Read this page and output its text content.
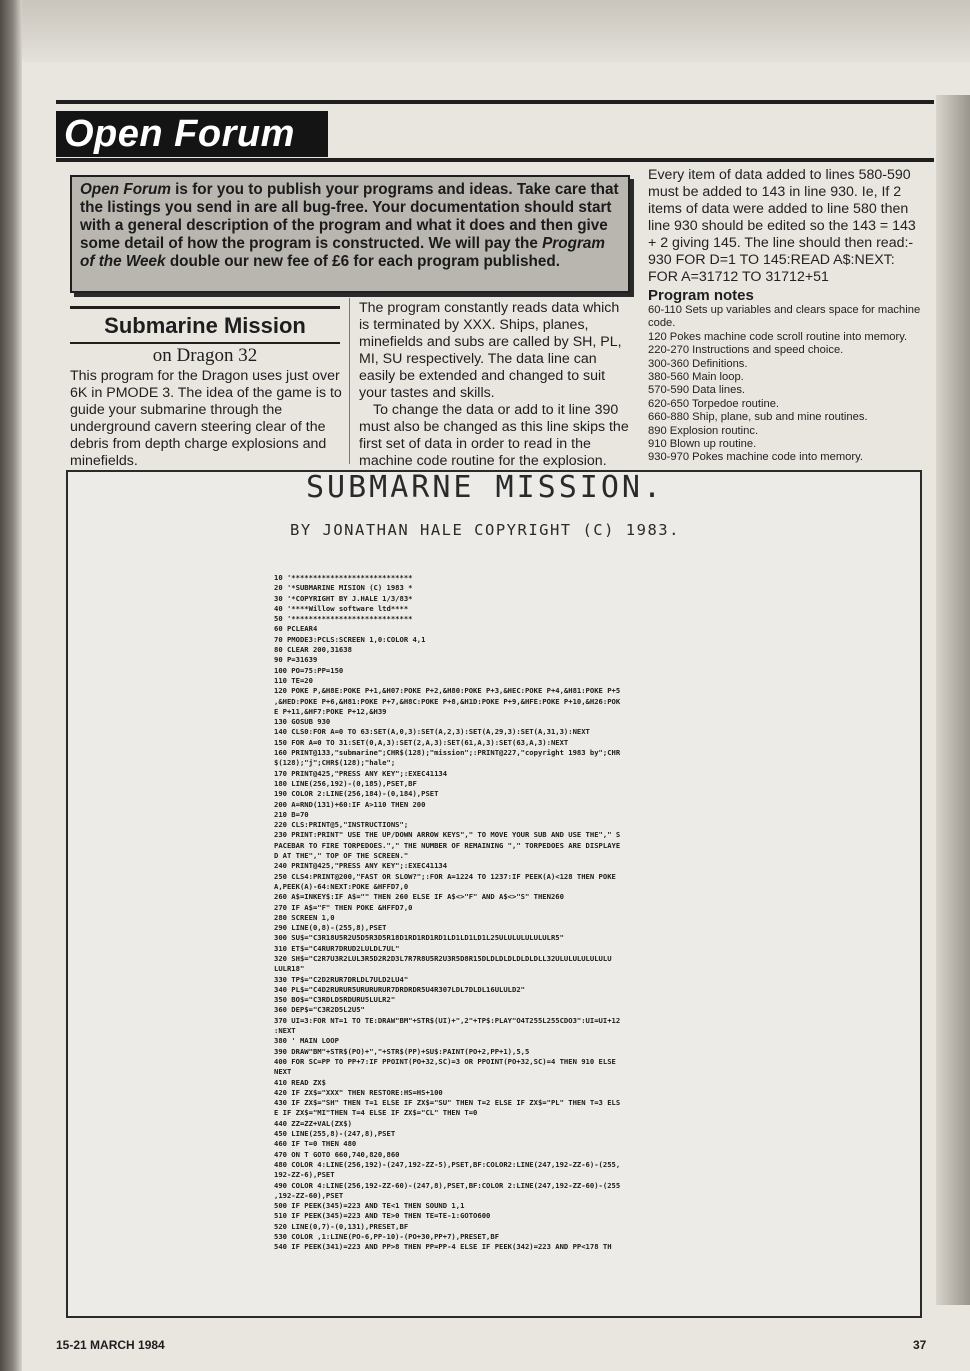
Open Forum
Open Forum is for you to publish your programs and ideas. Take care that the listings you send in are all bug-free. Your documentation should start with a general description of the program and what it does and then give some detail of how the program is constructed. We will pay the Program of the Week double our new fee of £6 for each program published.
Every item of data added to lines 580-590 must be added to 143 in line 930. Ie, If 2 items of data were added to line 580 then line 930 should be edited so the 143 = 143 + 2 giving 145. The line should then read:- 930 FOR D=1 TO 145:READ A$:NEXT: FOR A=31712 TO 31712+51
Program notes
60-110 Sets up variables and clears space for machine
code.
120 Pokes machine code scroll routine into memory.
220-270 Instructions and speed choice.
300-360 Definitions.
380-560 Main loop.
570-590 Data lines.
620-650 Torpedoe routine.
660-880 Ship, plane, sub and mine routines.
890 Explosion routinc.
910 Blown up routine.
930-970 Pokes machine code into memory.
Submarine Mission
on Dragon 32
This program for the Dragon uses just over 6K in PMODE 3. The idea of the game is to guide your submarine through the underground cavern steering clear of the debris from depth charge explosions and minefields.

The program constantly reads data which is terminated by XXX. Ships, planes, minefields and subs are called by SH, PL, MI, SU respectively. The data line can easily be extended and changed to suit your tastes and skills.

To change the data or add to it line 390 must also be changed as this line skips the first set of data in order to read in the machine code routine for the explosion.

SUBMARNE MISSION.
BY JONATHAN HALE COPYRIGHT (C) 1983.
10 '****************************
20 '*SUBMARINE MISION (C) 1983 *
30 '*COPYRIGHT BY J.HALE 1/3/83*
40 '****Willow software ltd****
50 '****************************
60 PCLEAR4
70 PMODE3:PCLS:SCREEN 1,0:COLOR 4,1
80 CLEAR 200,31638
90 P=31639
100 PO=75:PP=150
110 TE=20
120 POKE P,&H8E:POKE P+1,&H07:POKE P+2,&H80:POKE P+3,&HEC:POKE P+4,&H81:POKE P+5
,&HED:POKE P+6,&H81:POKE P+7,&H8C:POKE P+8,&H1D:POKE P+9,&HFE:POKE P+10,&H26:POK
E P+11,&HF7:POKE P+12,&H39
130 GOSUB 930
140 CLS0:FOR A=0 TO 63:SET(A,0,3):SET(A,2,3):SET(A,29,3):SET(A,31,3):NEXT
150 FOR A=0 TO 31:SET(0,A,3):SET(2,A,3):SET(61,A,3):SET(63,A,3):NEXT
160 PRINT@133,"submarine";CHR$(128);"mission";:PRINT@227,"copyright 1983 by";CHR
$(128);"j";CHR$(128);"hale";
170 PRINT@425,"PRESS ANY KEY";:EXEC41134
180 LINE(256,192)-(0,185),PSET,BF
190 COLOR 2:LINE(256,184)-(0,184),PSET
200 A=RND(131)+60:IF A>110 THEN 200
210 B=70
220 CLS:PRINT@5,"INSTRUCTIONS";
230 PRINT:PRINT" USE THE UP/DOWN ARROW KEYS"," TO MOVE YOUR SUB AND USE THE"," S
PACEBAR TO FIRE TORPEDOES."," THE NUMBER OF REMAINING "," TORPEDOES ARE DISPLAYE
D AT THE"," TOP OF THE SCREEN."
240 PRINT@425,"PRESS ANY KEY";:EXEC41134
250 CLS4:PRINT@200,"FAST OR SLOW?";:FOR A=1224 TO 1237:IF PEEK(A)<128 THEN POKE
A,PEEK(A)-64:NEXT:POKE &HFFD7,0
260 A$=INKEY$:IF A$="" THEN 260 ELSE IF A$<>"F" AND A$<>"S" THEN260
270 IF A$="F" THEN POKE &HFFD7,0
280 SCREEN 1,0
290 LINE(0,8)-(255,8),PSET
300 SU$="C3R18U5R2U5D5R3D5R18D1RD1RD1RD1LD1LD1LD1L25ULULULULULULR5"
310 ET$="C4RUR7DRUD2LULDL7UL"
320 SH$="C2R7U3R2LUL3R5D2R2D3L7R7R8U5R2U3R5D8R15DLDLDLDLDLDLDLL32ULULULULULULU
LULR18"
330 TP$="C2D2RUR7DRLDL7ULD2LU4"
340 PL$="C4D2RURUR5URURURUR7DRDRDR5U4R307LDL7DLDL16ULULD2"
350 BO$="C3RDLD5RDURU5LULR2"
360 DEP$="C3R2D5L2U5"
370 UI=3:FOR NT=1 TO TE:DRAW"BM"+STR$(UI)+",2"+TP$:PLAY"O4T255L255CDO3":UI=UI+12
:NEXT
380 ' MAIN LOOP
390 DRAW"BM"+STR$(PO)+","+STR$(PP)+SU$:PAINT(PO+2,PP+1),5,5
400 FOR SC=PP TO PP+7:IF PPOINT(PO+32,SC)=3 OR PPOINT(PO+32,SC)=4 THEN 910 ELSE
NEXT
410 READ ZX$
420 IF ZX$="XXX" THEN RESTORE:HS=HS+100
430 IF ZX$="SH" THEN T=1 ELSE IF ZX$="SU" THEN T=2 ELSE IF ZX$="PL" THEN T=3 ELS
E IF ZX$="MI"THEN T=4 ELSE IF ZX$="CL" THEN T=0
440 ZZ=ZZ+VAL(ZX$)
450 LINE(255,8)-(247,8),PSET
460 IF T=0 THEN 480
470 ON T GOTO 660,740,820,860
480 COLOR 4:LINE(256,192)-(247,192-ZZ-5),PSET,BF:COLOR2:LINE(247,192-ZZ-6)-(255,
192-ZZ-6),PSET
490 COLOR 4:LINE(256,192-ZZ-60)-(247,8),PSET,BF:COLOR 2:LINE(247,192-ZZ-60)-(255
,192-ZZ-60),PSET
500 IF PEEK(345)=223 AND TE<1 THEN SOUND 1,1
510 IF PEEK(345)=223 AND TE>0 THEN TE=TE-1:GOTO600
520 LINE(0,7)-(0,131),PRESET,BF
530 COLOR ,1:LINE(PO-6,PP-10)-(PO+30,PP+7),PRESET,BF
540 IF PEEK(341)=223 AND PP>8 THEN PP=PP-4 ELSE IF PEEK(342)=223 AND PP<178 TH
15-21 MARCH 1984	37
